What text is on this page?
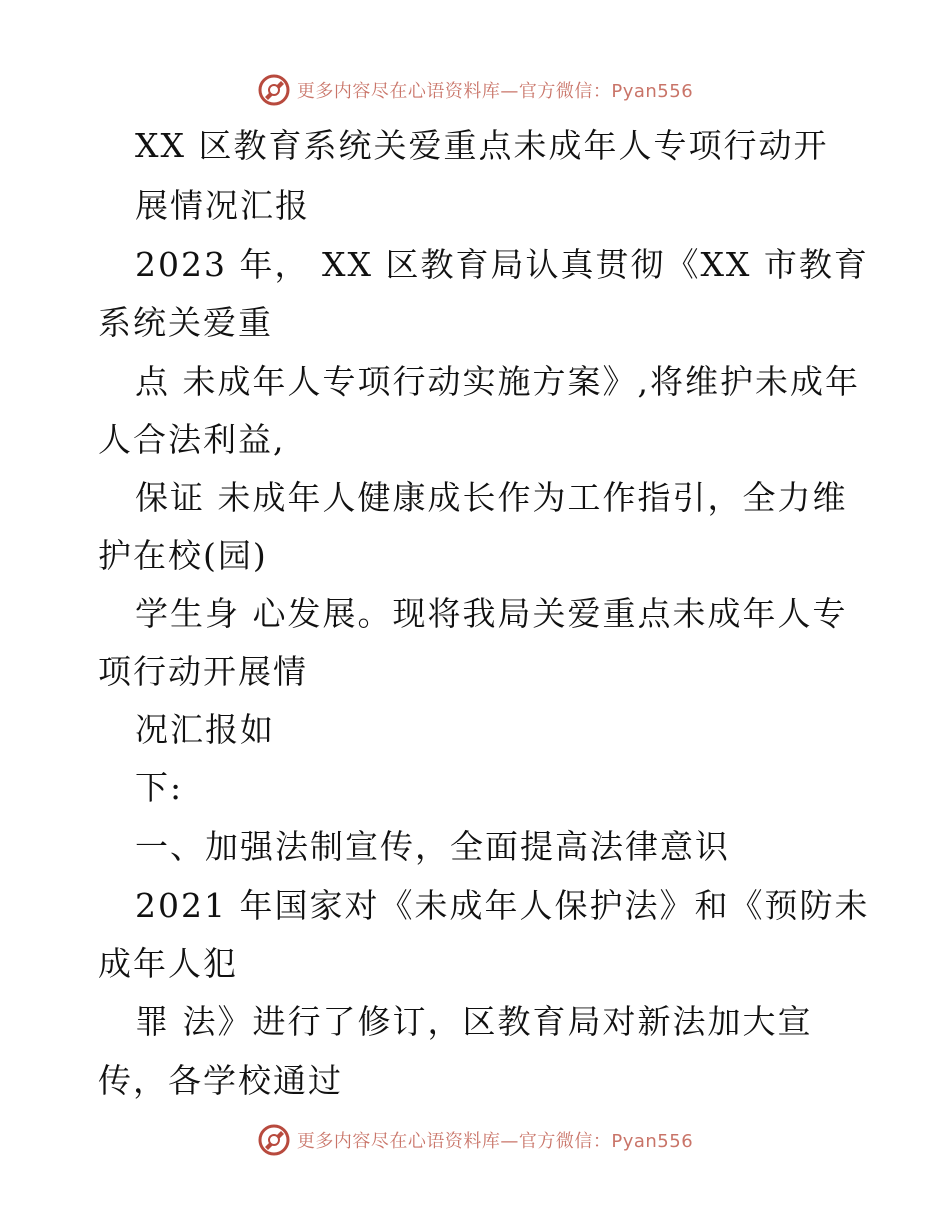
更多内容尽在心语资料库—官方微信：Pyan556
XX 区教育系统关爱重点未成年人专项行动开
展情况汇报
2023 年， XX 区教育局认真贯彻《XX 市教育
系统关爱重
点 未成年人专项行动实施方案》,将维护未成年
人合法利益,
保证 未成年人健康成长作为工作指引，全力维
护在校(园)
学生身 心发展。现将我局关爱重点未成年人专
项行动开展情
况汇报如
下:
一、加强法制宣传，全面提高法律意识
2021 年国家对《未成年人保护法》和《预防未
成年人犯
罪 法》进行了修订，区教育局对新法加大宣
传，各学校通过
更多内容尽在心语资料库—官方微信：Pyan556
